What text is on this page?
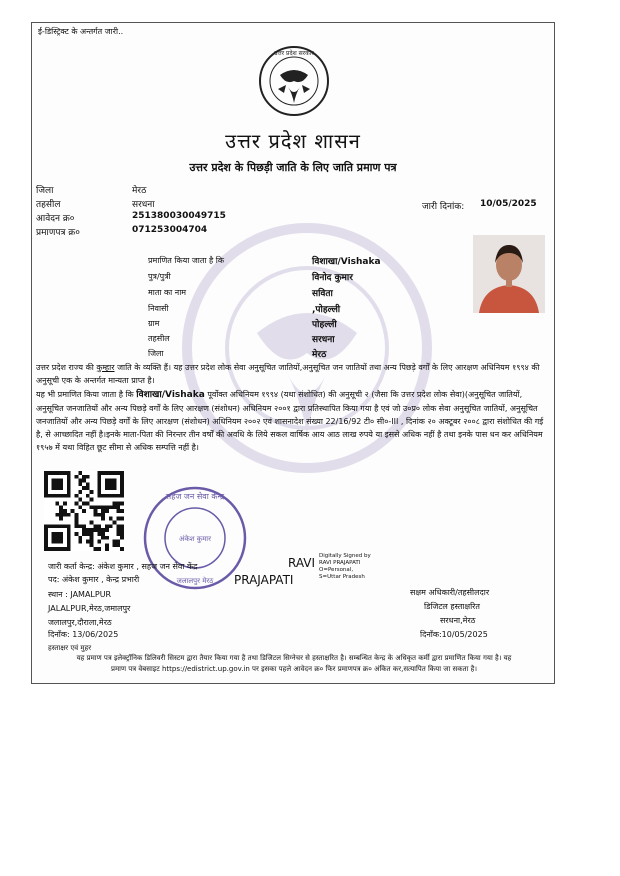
ई-डिस्ट्रिक्ट के अन्तर्गत जारी..
उत्तर प्रदेश सरकार
उत्तर प्रदेश शासन
उत्तर प्रदेश के पिछड़ी जाति के लिए जाति प्रमाण पत्र
जिला	मेरठ
तहसील	सरधना
आवेदन क्र०	251380030049715
प्रमाणपत्र क्र०	071253004704
जारी दिनांक: 10/05/2025
प्रमाणित किया जाता है कि	विशाखा/Vishaka
पुत्र/पुत्री	विनोद कुमार
माता का नाम	सविता
निवासी	,पोहल्ली
ग्राम	पोहल्ली
तहसील	सरधना
जिला	मेरठ
उत्तर प्रदेश राज्य की कुम्हार जाति के व्यक्ति हैं। यह उत्तर प्रदेश लोक सेवा अनुसूचित जातियों,अनुसूचित जन जातियों तथा अन्य पिछड़े वर्गों के लिए आरक्षण अधिनियम १९९४ की अनुसूची एक के अन्तर्गत मान्यता प्राप्त है।
यह भी प्रमाणित किया जाता है कि विशाखा/Vishaka पूर्वोक्त अधिनियम १९९४ (यथा संशोधित) की अनुसूची २ (जैसा कि उत्तर प्रदेश लोक सेवा)(अनुसूचित जातियों, अनुसूचित जनजातियों और अन्य पिछड़े वर्गों के लिए आरक्षण (संशोधन) अधिनियम २००१ द्वारा प्रतिस्थापित किया गया है एवं जो उ०प्र० लोक सेवा अनुसूचित जातियों, अनुसूचित जनजातियों और अन्य पिछड़े वर्गों के लिए आरक्षण (संशोधन) अधिनियम २००२ एवं शासनादेश संख्या 22/16/92 टी० सी०-III , दिनांक २० अक्टूबर २००८ द्वारा संशोधित की गई है, से आच्छादित नहीं है।इनके माता-पिता की निरन्तर तीन वर्षों की अवधि के लिये सकल वार्षिक आय आठ लाख रुपये या इससे अधिक नहीं है तथा इनके पास धन कर अधिनियम १९५७ में यथा विहित छूट सीमा से अधिक सम्पत्ति नहीं है।
सहज जन सेवा केन्द्र
अंकेश कुमार
जलालपुर मेरठ
RAVI
PRAJAPATI
Digitally Signed by
RAVI PRAJAPATI
O=Personal,
S=Uttar Pradesh
जारी कर्ता केन्द्र: अंकेश कुमार , सहज जन सेवा केंद्र
पद: अंकेश कुमार , केन्द्र प्रभारी
स्थान : JAMALPUR
JALALPUR,मेरठ,जमालपुर
जलालपुर,दौराला,मेरठ
दिनाँक: 13/06/2025
हस्ताक्षर एवं मुहर
सक्षम अधिकारी/तहसीलदार
डिजिटल हस्ताक्षरित
सरधना,मेरठ
दिनाँक:10/05/2025
यह प्रमाण पत्र इलेक्ट्रॉनिक डिलिवरी सिस्टम द्वारा तैयार किया गया है तथा डिजिटल सिग्नेचर से हस्ताक्षरित है। सम्बन्धित केन्द्र के अधिकृत कर्मी द्वारा प्रमाणित किया गया है। यह
प्रमाण पत्र वेबसाइट https://edistrict.up.gov.in पर इसका पहले आवेदन क्र० फिर प्रमाणपत्र क्र० अंकित कर,सत्यापित किया जा सकता है।
